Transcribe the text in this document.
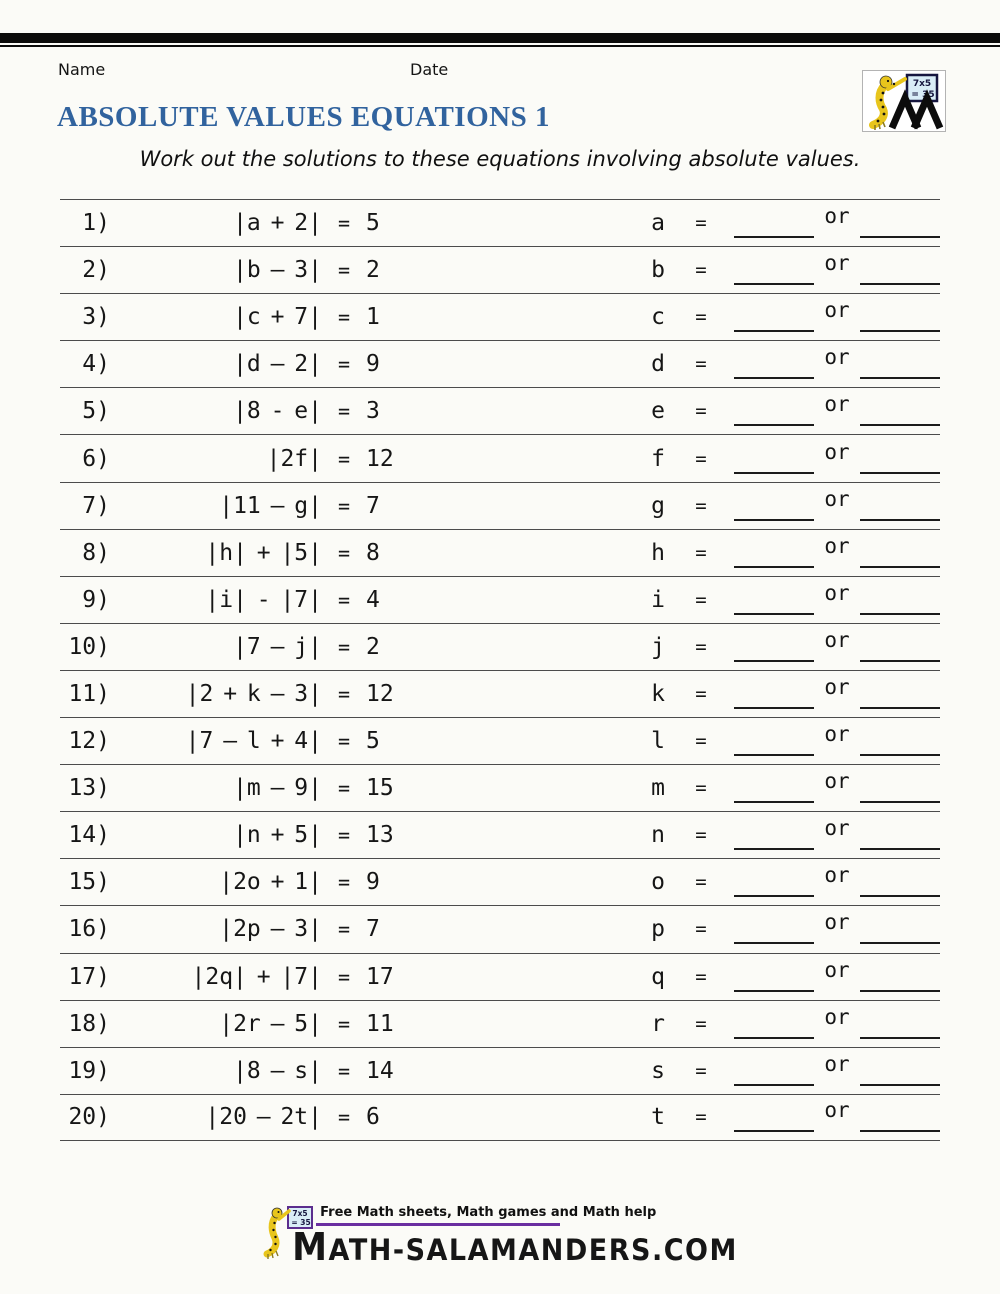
Name	Date
7x5
= 35
ABSOLUTE VALUES EQUATIONS 1
Work out the solutions to these equations involving absolute values.
1)	|a + 2| = 5	a	=	or
2)	|b – 3| = 2	b	=	or
3)	|c + 7| = 1	c	=	or
4)	|d – 2| = 9	d	=	or
5)	|8 - e| = 3	e	=	or
6)	|2f| = 12	f	=	or
7)	|11 – g| = 7	g	=	or
8)	|h| + |5| = 8	h	=	or
9)	|i| - |7| = 4	i	=	or
10)	|7 – j| = 2	j	=	or
11)	|2 + k – 3| = 12	k	=	or
12)	|7 – l + 4| = 5	l	=	or
13)	|m – 9| = 15	m	=	or
14)	|n + 5| = 13	n	=	or
15)	|2o + 1| = 9	o	=	or
16)	|2p – 3| = 7	p	=	or
17)	|2q| + |7| = 17	q	=	or
18)	|2r – 5| = 11	r	=	or
19)	|8 – s| = 14	s	=	or
20)	|20 – 2t| = 6	t	=	or
7x5
= 35
Free Math sheets, Math games and Math help
MATH-SALAMANDERS.COM
